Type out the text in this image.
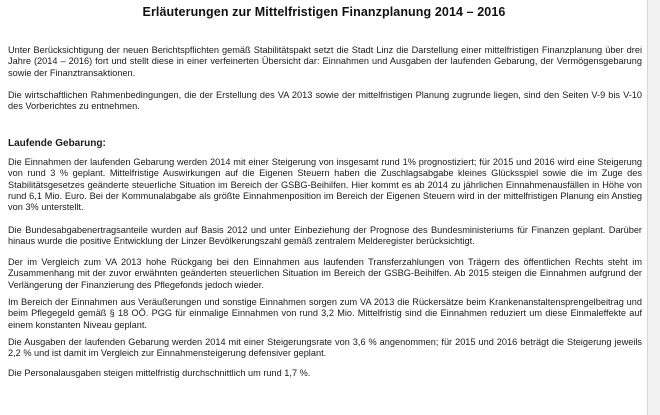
Erläuterungen zur Mittelfristigen Finanzplanung 2014 – 2016

Unter Berücksichtigung der neuen Berichtspflichten gemäß Stabilitätspakt setzt die Stadt Linz die Darstellung einer mittelfristigen Finanzplanung über drei Jahre (2014 – 2016) fort und stellt diese in einer verfeinerten Übersicht dar: Einnahmen und Ausgaben der laufenden Gebarung, der Vermögensgebarung sowie der Finanztransaktionen.

Die wirtschaftlichen Rahmenbedingungen, die der Erstellung des VA 2013 sowie der mittelfristigen Planung zugrunde liegen, sind den Seiten V-9 bis V-10 des Vorberichtes zu entnehmen.

Laufende Gebarung:

Die Einnahmen der laufenden Gebarung werden 2014 mit einer Steigerung von insgesamt rund 1% prognostiziert; für 2015 und 2016 wird eine Steigerung von rund 3 % geplant. Mittelfristige Auswirkungen auf die Eigenen Steuern haben die Zuschlagsabgabe kleines Glücksspiel sowie die im Zuge des Stabilitätsgesetzes geänderte steuerliche Situation im Bereich der GSBG-Beihilfen. Hier kommt es ab 2014 zu jährlichen Einnahmenausfällen in Höhe von rund 6,1 Mio. Euro. Bei der Kommunalabgabe als größte Einnahmenposition im Bereich der Eigenen Steuern wird in der mittelfristigen Planung ein Anstieg von 3% unterstellt.

Die Bundesabgabenertragsanteile wurden auf Basis 2012 und unter Einbeziehung der Prognose des Bundesministeriums für Finanzen geplant. Darüber hinaus wurde die positive Entwicklung der Linzer Bevölkerungszahl gemäß zentralem Melderegister berücksichtigt.

Der im Vergleich zum VA 2013 hohe Rückgang bei den Einnahmen aus laufenden Transferzahlungen von Trägern des öffentlichen Rechts steht im Zusammenhang mit der zuvor erwähnten geänderten steuerlichen Situation im Bereich der GSBG-Beihilfen. Ab 2015 steigen die Einnahmen aufgrund der Verlängerung der Finanzierung des Pflegefonds jedoch wieder.

Im Bereich der Einnahmen aus Veräußerungen und sonstige Einnahmen sorgen zum VA 2013 die Rückersätze beim Krankenanstaltensprengelbeitrag und beim Pflegegeld gemäß § 18 OÖ. PGG für einmalige Einnahmen von rund 3,2 Mio. Mittelfristig sind die Einnahmen reduziert um diese Einmaleffekte auf einem konstanten Niveau geplant.

Die Ausgaben der laufenden Gebarung werden 2014 mit einer Steigerungsrate von 3,6 % angenommen; für 2015 und 2016 beträgt die Steigerung jeweils 2,2 % und ist damit im Vergleich zur Einnahmensteigerung defensiver geplant.

Die Personalausgaben steigen mittelfristig durchschnittlich um rund 1,7 %.
